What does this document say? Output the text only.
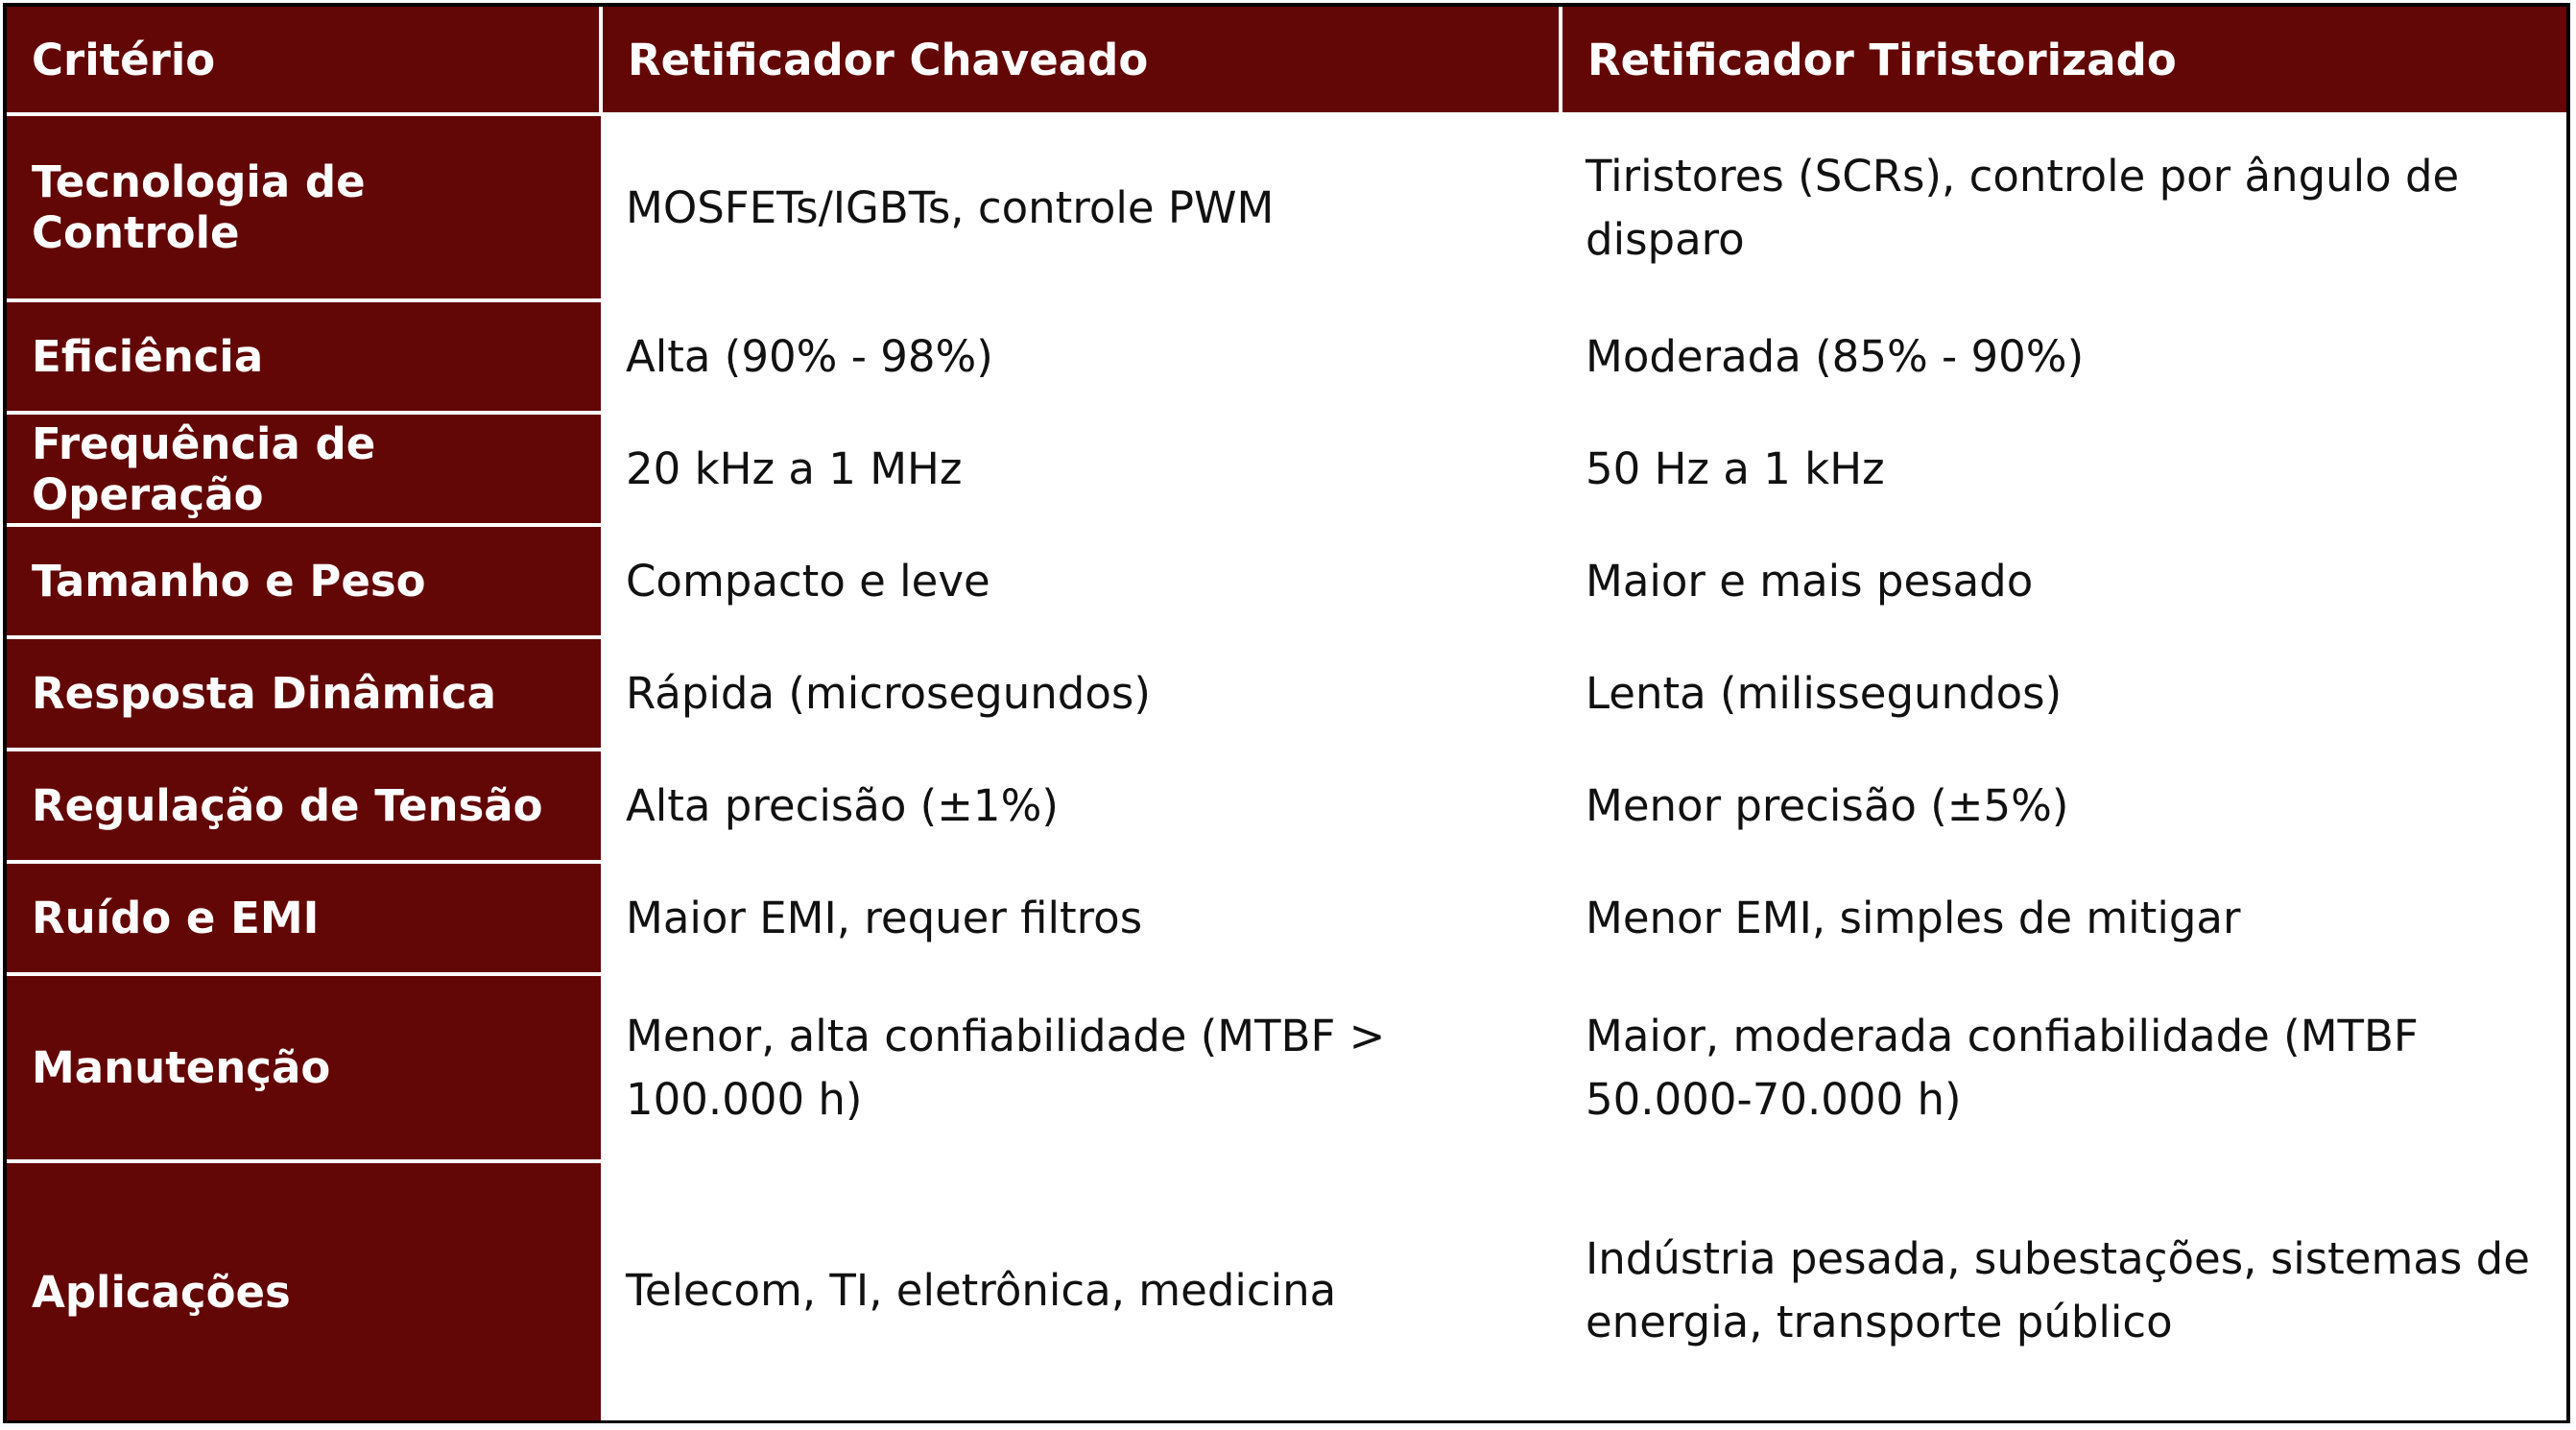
Critério	Retificador Chaveado	Retificador Tiristorizado
Tecnologia de Controle	MOSFETs/IGBTs, controle PWM	Tiristores (SCRs), controle por ângulo de disparo
Eficiência	Alta (90% - 98%)	Moderada (85% - 90%)
Frequência de Operação	20 kHz a 1 MHz	50 Hz a 1 kHz
Tamanho e Peso	Compacto e leve	Maior e mais pesado
Resposta Dinâmica	Rápida (microsegundos)	Lenta (milissegundos)
Regulação de Tensão	Alta precisão (±1%)	Menor precisão (±5%)
Ruído e EMI	Maior EMI, requer filtros	Menor EMI, simples de mitigar
Manutenção	Menor, alta confiabilidade (MTBF > 100.000 h)	Maior, moderada confiabilidade (MTBF 50.000-70.000 h)
Aplicações	Telecom, TI, eletrônica, medicina	Indústria pesada, subestações, sistemas de energia, transporte público
